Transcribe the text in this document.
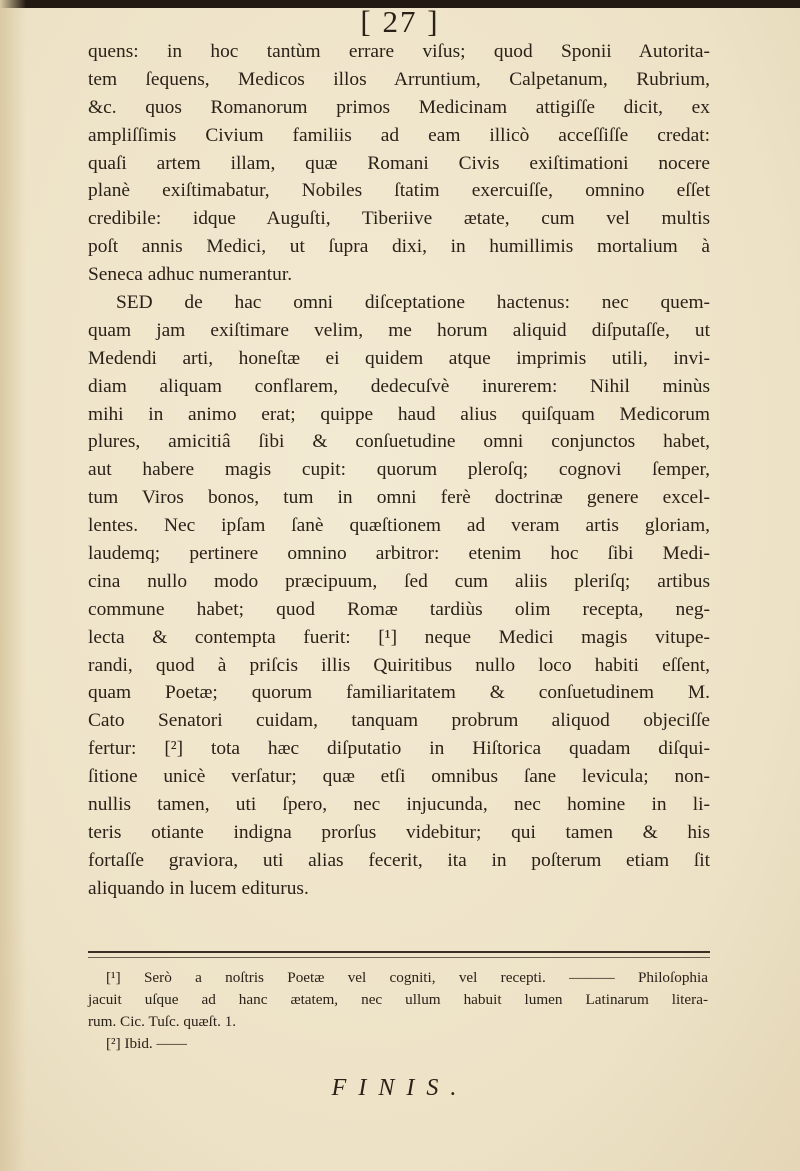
[ 27 ]
quens: in hoc tantùm errare viſus; quod Sponii Autorita-
tem ſequens, Medicos illos Arruntium, Calpetanum, Rubrium,
&c. quos Romanorum primos Medicinam attigiſſe dicit, ex
ampliſſimis Civium familiis ad eam illicò acceſſiſſe credat:
quaſi artem illam, quæ Romani Civis exiſtimationi nocere
planè exiſtimabatur, Nobiles ſtatim exercuiſſe, omnino eſſet
credibile: idque Auguſti, Tiberiive ætate, cum vel multis
poſt annis Medici, ut ſupra dixi, in humillimis mortalium à
Seneca adhuc numerantur.
SED de hac omni diſceptatione hactenus: nec quem-
quam jam exiſtimare velim, me horum aliquid diſputaſſe, ut
Medendi arti, honeſtæ ei quidem atque imprimis utili, invi-
diam aliquam conflarem, dedecuſvè inurerem: Nihil minùs
mihi in animo erat; quippe haud alius quiſquam Medicorum
plures, amicitiâ ſibi & conſuetudine omni conjunctos habet,
aut habere magis cupit: quorum pleroſq; cognovi ſemper,
tum Viros bonos, tum in omni ferè doctrinæ genere excel-
lentes. Nec ipſam ſanè quæſtionem ad veram artis gloriam,
laudemq; pertinere omnino arbitror: etenim hoc ſibi Medi-
cina nullo modo præcipuum, ſed cum aliis pleriſq; artibus
commune habet; quod Romæ tardiùs olim recepta, neg-
lecta & contempta fuerit: [¹] neque Medici magis vitupe-
randi, quod à priſcis illis Quiritibus nullo loco habiti eſſent,
quam Poetæ; quorum familiaritatem & conſuetudinem M.
Cato Senatori cuidam, tanquam probrum aliquod objeciſſe
fertur: [²] tota hæc diſputatio in Hiſtorica quadam diſqui-
ſitione unicè verſatur; quæ etſi omnibus ſane levicula; non-
nullis tamen, uti ſpero, nec injucunda, nec homine in li-
teris otiante indigna prorſus videbitur; qui tamen & his
fortaſſe graviora, uti alias fecerit, ita in poſterum etiam ſit
aliquando in lucem editurus.
[¹] Serò a noſtris Poetæ vel cogniti, vel recepti. ——— Philoſophia
jacuit uſque ad hanc ætatem, nec ullum habuit lumen Latinarum litera-
rum. Cic. Tuſc. quæſt. 1.
[²] Ibid. ——
FINIS.
